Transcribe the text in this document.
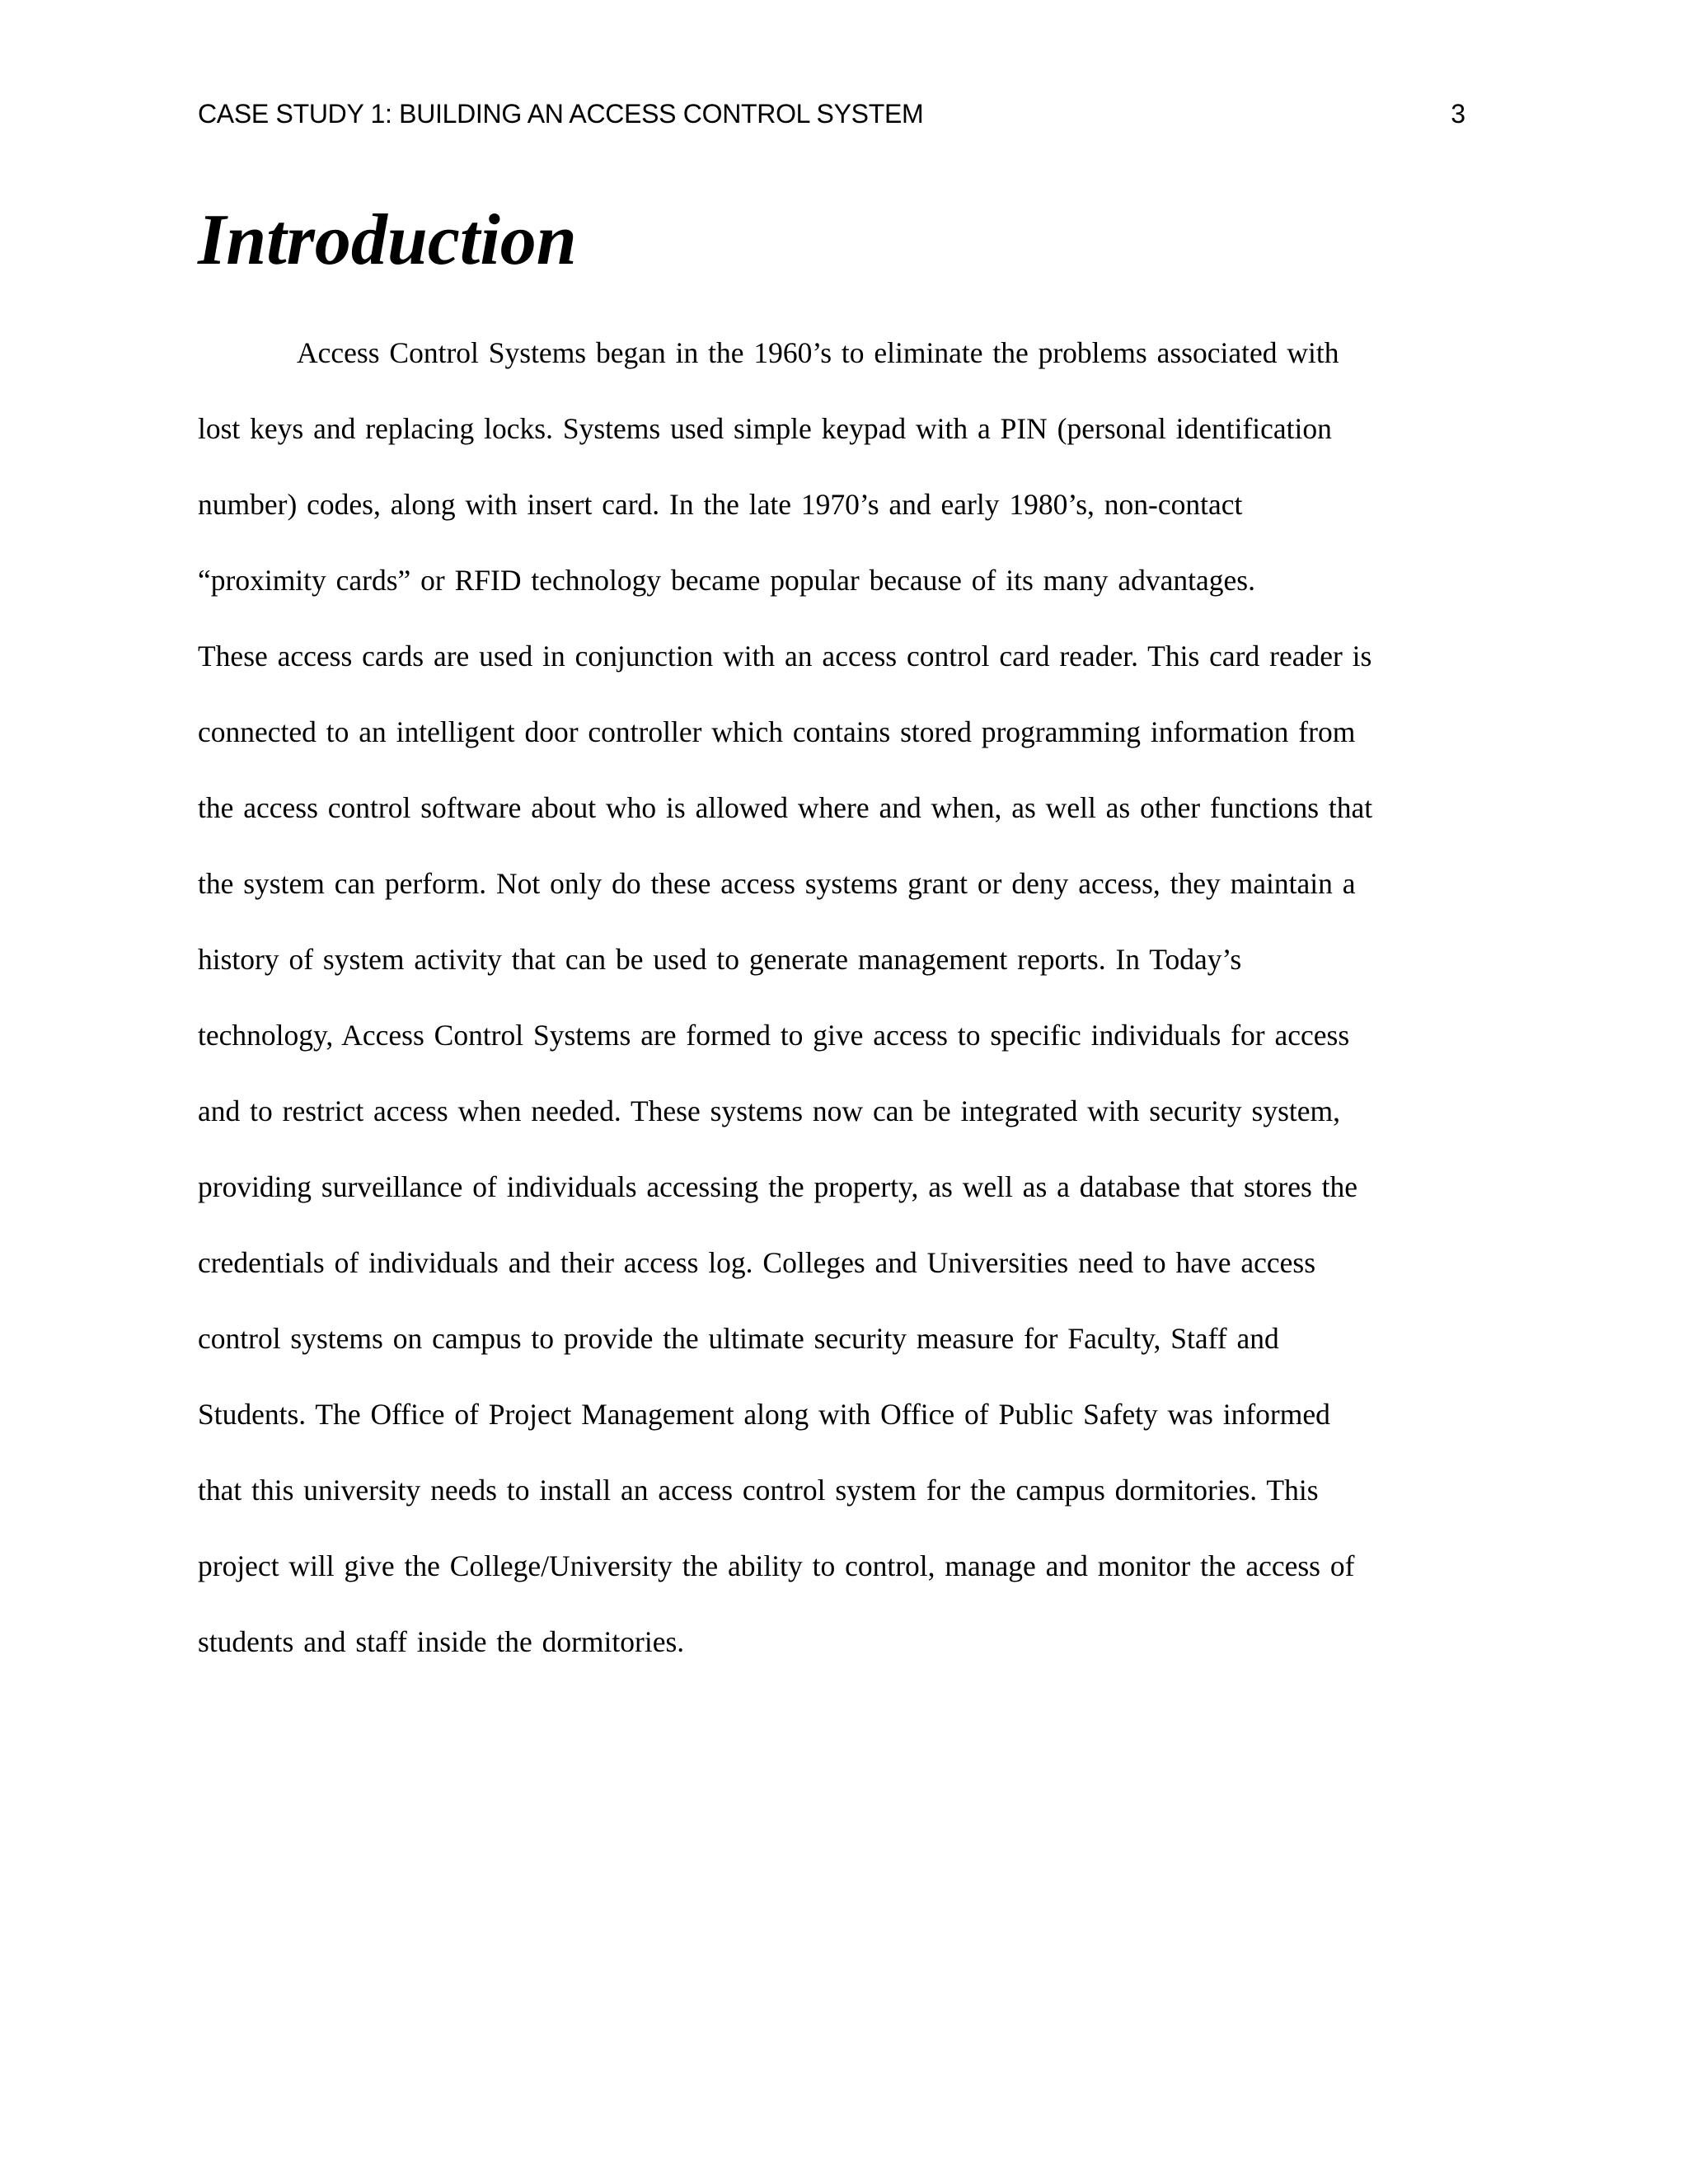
CASE STUDY 1: BUILDING AN ACCESS CONTROL SYSTEM	3
Introduction
Access Control Systems began in the 1960’s to eliminate the problems associated with
lost keys and replacing locks. Systems used simple keypad with a PIN (personal identification
number) codes, along with insert card. In the late 1970’s and early 1980’s, non-contact
“proximity cards” or RFID technology became popular because of its many advantages.
These access cards are used in conjunction with an access control card reader. This card reader is
connected to an intelligent door controller which contains stored programming information from
the access control software about who is allowed where and when, as well as other functions that
the system can perform. Not only do these access systems grant or deny access, they maintain a
history of system activity that can be used to generate management reports. In Today’s
technology, Access Control Systems are formed to give access to specific individuals for access
and to restrict access when needed. These systems now can be integrated with security system,
providing surveillance of individuals accessing the property, as well as a database that stores the
credentials of individuals and their access log. Colleges and Universities need to have access
control systems on campus to provide the ultimate security measure for Faculty, Staff and
Students. The Office of Project Management along with Office of Public Safety was informed
that this university needs to install an access control system for the campus dormitories. This
project will give the College/University the ability to control, manage and monitor the access of
students and staff inside the dormitories.
